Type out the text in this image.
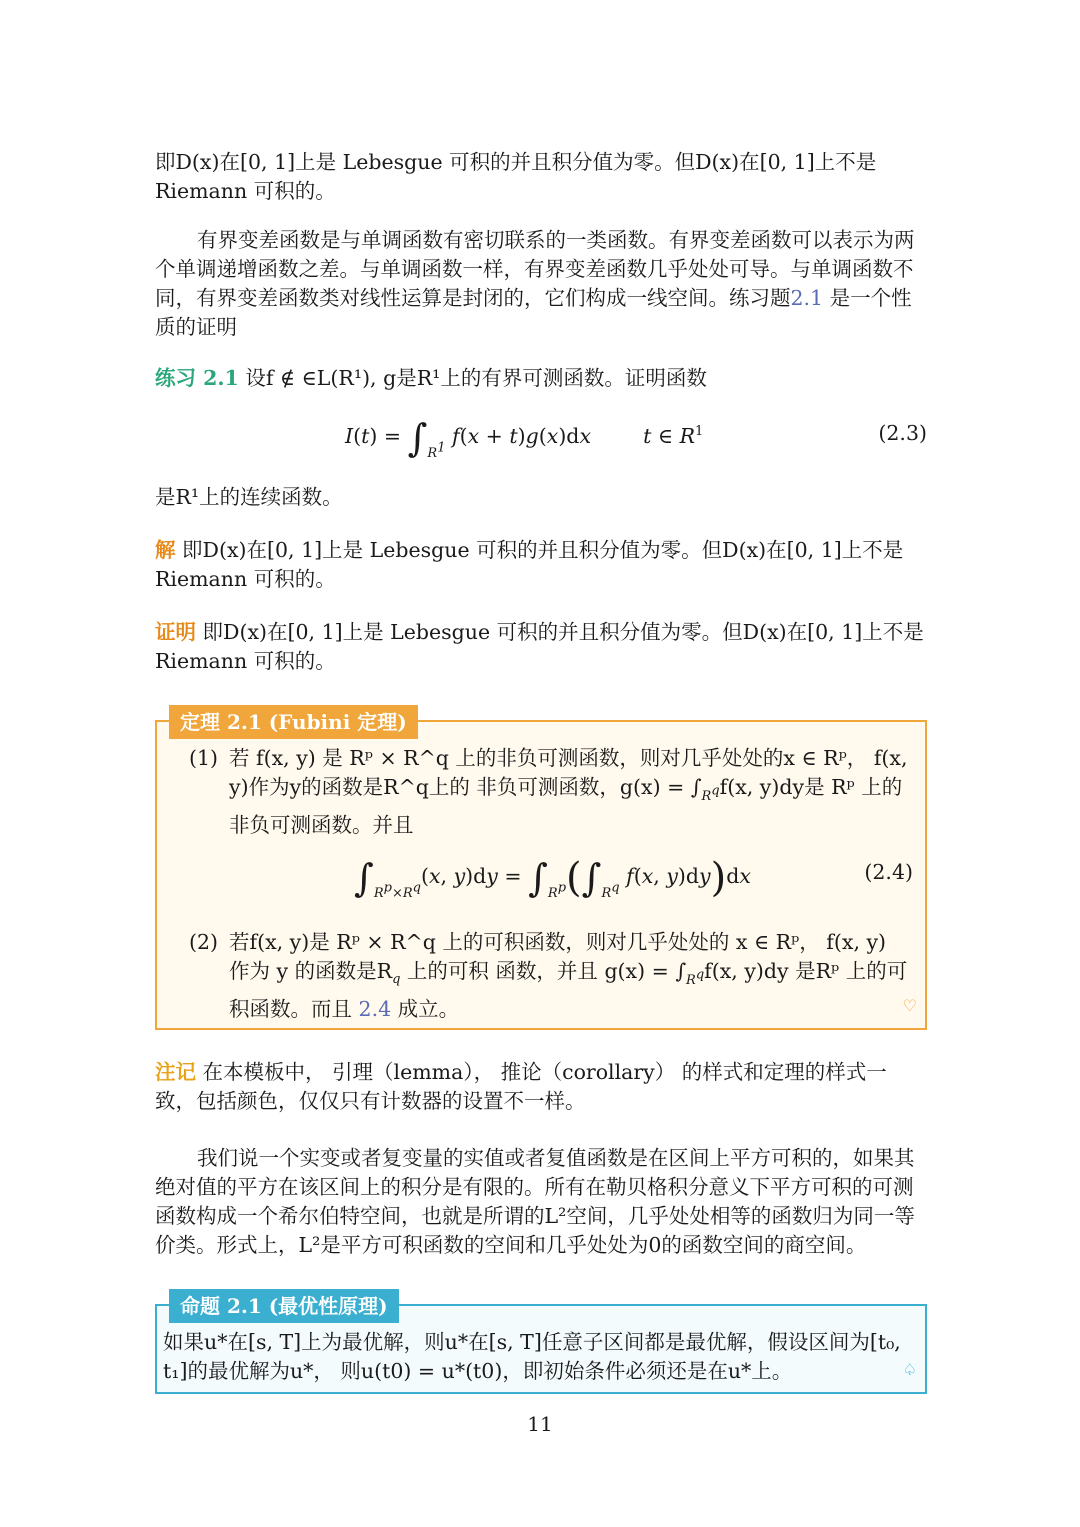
即D(x)在[0, 1]上是 Lebesgue 可积的并且积分值为零。但D(x)在[0, 1]上不是 Riemann 可积的。

有界变差函数是与单调函数有密切联系的一类函数。有界变差函数可以表示为两个单调递增函数之差。与单调函数一样，有界变差函数几乎处处可导。与单调函数不同，有界变差函数类对线性运算是封闭的，它们构成一线空间。练习题2.1 是一个性质的证明

练习 2.1 设f ∉ ∈L(R¹), g是R¹上的有界可测函数。证明函数

$I(t) = \int_{R^1}$ f(x + t)g(x)dx	t ∈ $R^1$	(2.3)

是R¹上的连续函数。

解 即D(x)在[0, 1]上是 Lebesgue 可积的并且积分值为零。但D(x)在[0, 1]上不是 Riemann 可积的。

证明 即D(x)在[0, 1]上是 Lebesgue 可积的并且积分值为零。但D(x)在[0, 1]上不是 Riemann 可积的。

定理 2.1 (Fubini 定理)
(1) 若 f(x, y) 是 Rᵖ × R^q 上的非负可测函数，则对几乎处处的x ∈ Rᵖ， f(x, y)作为y的函数是R^q上的 非负可测函数，$g(x) = \int_{R^q}f(x$, y)dy是 Rᵖ 上的非负可测函数。并且
$\int_{R^p\times R^q}(x$, $y)dy = \int_{R^p}(\int_{R^q}$ f(x, y)dy)dx	(2.4)
(2) 若f(x, y)是 Rᵖ × R^q 上的可积函数，则对几乎处处的 x ∈ Rᵖ， f(x, y) 作为 y 的函数是$R_q$ 上的可积 函数，并且 $g(x) = \int_{R^q}f(x$, y)dy 是Rᵖ 上的可积函数。而且 2.4 成立。	♡

注记 在本模板中， 引理（lemma）， 推论（corollary） 的样式和定理的样式一致，包括颜色，仅仅只有计数器的设置不一样。

我们说一个实变或者复变量的实值或者复值函数是在区间上平方可积的，如果其绝对值的平方在该区间上的积分是有限的。所有在勒贝格积分意义下平方可积的可测函数构成一个希尔伯特空间，也就是所谓的L²空间，几乎处处相等的函数归为同一等价类。形式上，L²是平方可积函数的空间和几乎处处为0的函数空间的商空间。

命题 2.1 (最优性原理)

如果u*在[s, T]上为最优解，则u*在[s, T]任意子区间都是最优解，假设区间为[t₀, t₁]的最优解为u*， 则u(t0) = u*(t0)，即初始条件必须还是在u*上。	♤
11
